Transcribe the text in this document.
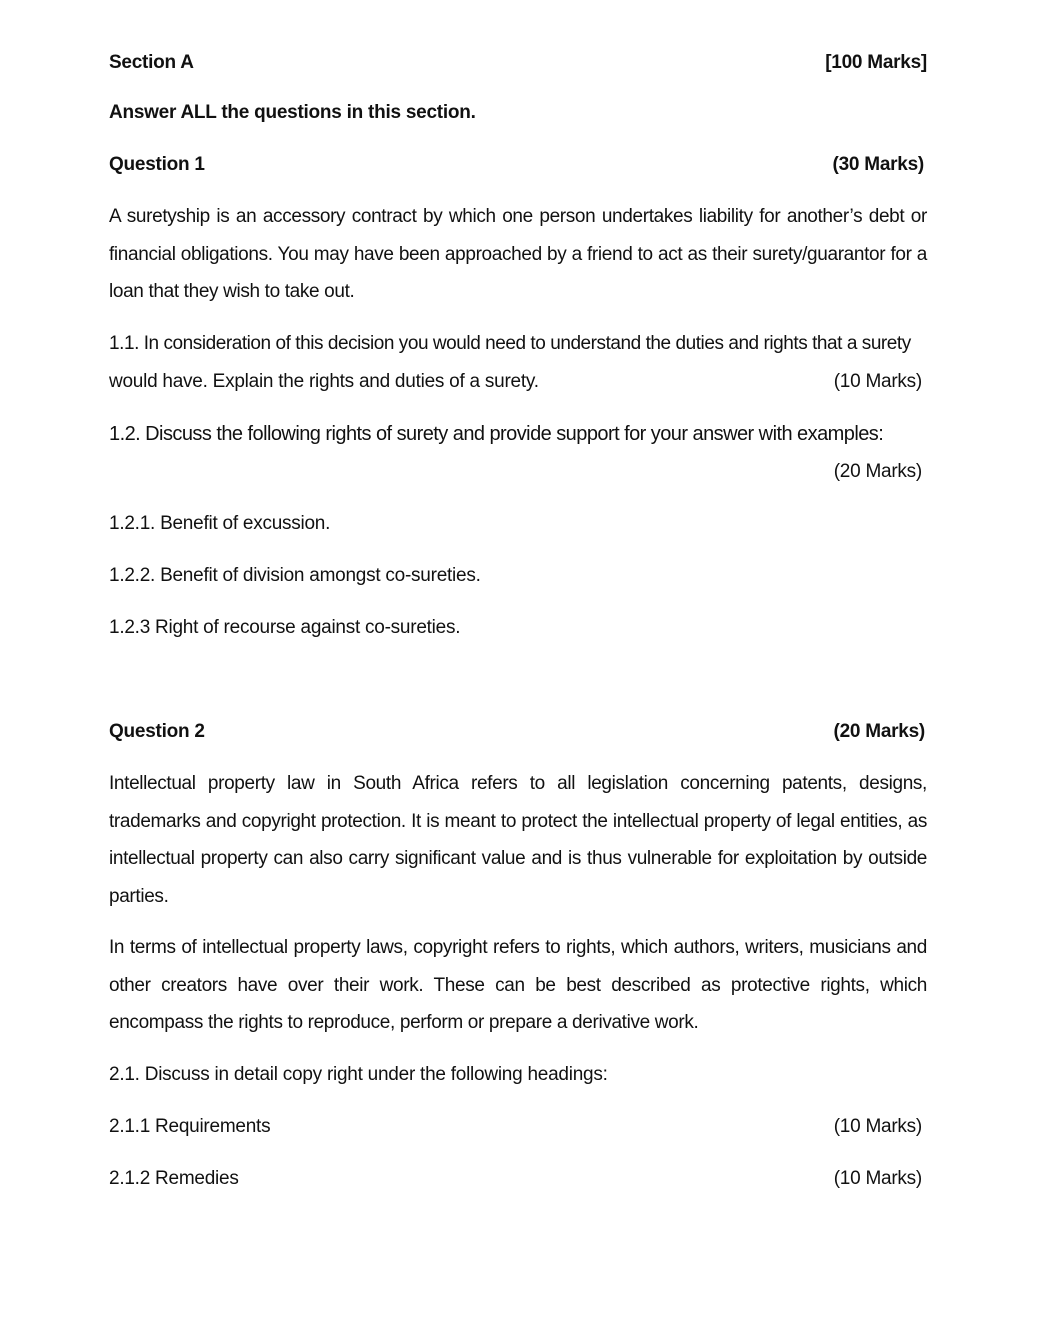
Section A	[100 Marks]
Answer ALL the questions in this section.
Question 1	(30 Marks)
A suretyship is an accessory contract by which one person undertakes liability for another’s debt or financial obligations. You may have been approached by a friend to act as their surety/guarantor for a loan that they wish to take out.
1.1. In consideration of this decision you would need to understand the duties and rights that a surety
would have. Explain the rights and duties of a surety.	(10 Marks)
1.2. Discuss the following rights of surety and provide support for your answer with examples:
(20 Marks)
1.2.1. Benefit of excussion.
1.2.2. Benefit of division amongst co-sureties.
1.2.3 Right of recourse against co-sureties.
Question 2	(20 Marks)
Intellectual property law in South Africa refers to all legislation concerning patents, designs, trademarks and copyright protection. It is meant to protect the intellectual property of legal entities, as intellectual property can also carry significant value and is thus vulnerable for exploitation by outside parties.
In terms of intellectual property laws, copyright refers to rights, which authors, writers, musicians and other creators have over their work. These can be best described as protective rights, which encompass the rights to reproduce, perform or prepare a derivative work.
2.1. Discuss in detail copy right under the following headings:
2.1.1 Requirements	(10 Marks)
2.1.2 Remedies	(10 Marks)
